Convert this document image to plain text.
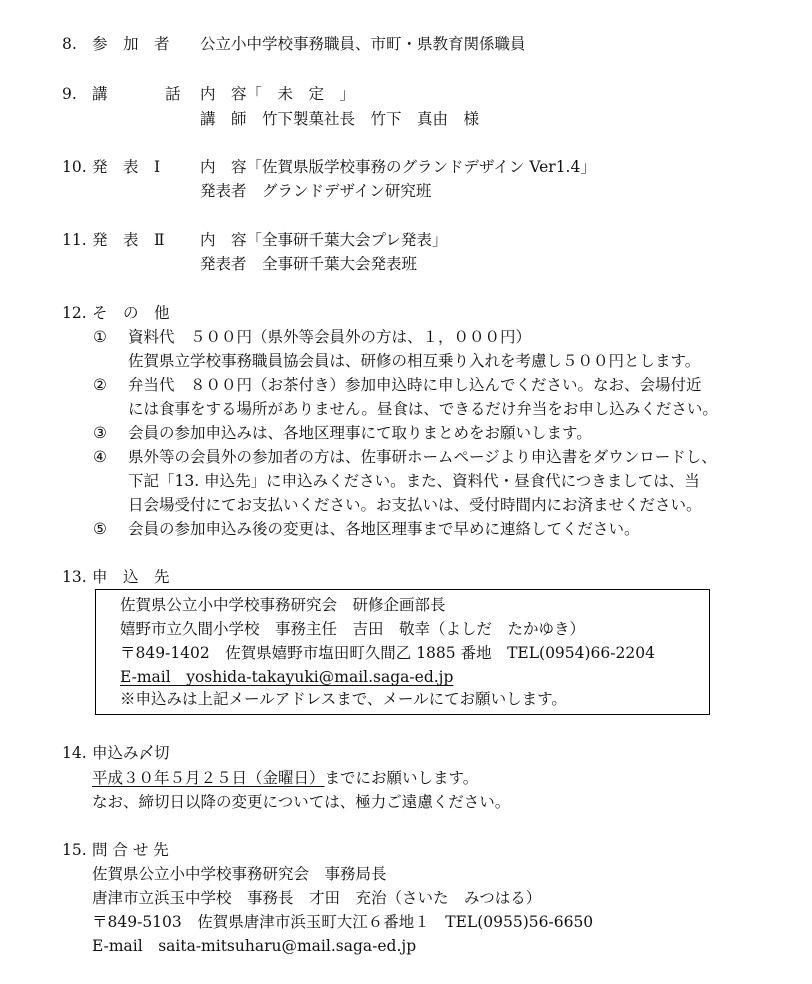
8. 参　加　者 公立小中学校事務職員、市町・県教育関係職員
9. 講	話 内　容「　未　定　」
講　師　竹下製菓社長　竹下　真由　様
10. 発　表　Ⅰ	内　容「佐賀県版学校事務のグランドデザイン Ver1.4」
発表者　グランドデザイン研究班
11. 発　表　Ⅱ 内　容「全事研千葉大会プレ発表」
発表者　全事研千葉大会発表班
12. そ　の　他
① 資料代　５００円（県外等会員外の方は、１，０００円）
佐賀県立学校事務職員協会員は、研修の相互乗り入れを考慮し５００円とします。
② 弁当代　８００円（お茶付き）参加申込時に申し込んでください。なお、会場付近
には食事をする場所がありません。昼食は、できるだけ弁当をお申し込みください。
③ 会員の参加申込みは、各地区理事にて取りまとめをお願いします。
④ 県外等の会員外の参加者の方は、佐事研ホームページより申込書をダウンロードし、
下記「13. 申込先」に申込みください。また、資料代・昼食代につきましては、当
日会場受付にてお支払いください。お支払いは、受付時間内にお済ませください。
⑤ 会員の参加申込み後の変更は、各地区理事まで早めに連絡してください。
13. 申　込　先
佐賀県公立小中学校事務研究会　研修企画部長
嬉野市立久間小学校　事務主任　吉田　敬幸（よしだ　たかゆき）
〒849-1402　佐賀県嬉野市塩田町久間乙 1885 番地　TEL(0954)66-2204
E-mail　yoshida-takayuki@mail.saga-ed.jp
※申込みは上記メールアドレスまで、メールにてお願いします。
14. 申込み〆切
平成３０年５月２５日（金曜日）までにお願いします。
なお、締切日以降の変更については、極力ご遠慮ください。
15. 問 合 せ 先
佐賀県公立小中学校事務研究会　事務局長
唐津市立浜玉中学校　事務長　才田　充治（さいた　みつはる）
〒849-5103　佐賀県唐津市浜玉町大江６番地１　TEL(0955)56-6650
E-mail　saita-mitsuharu@mail.saga-ed.jp
